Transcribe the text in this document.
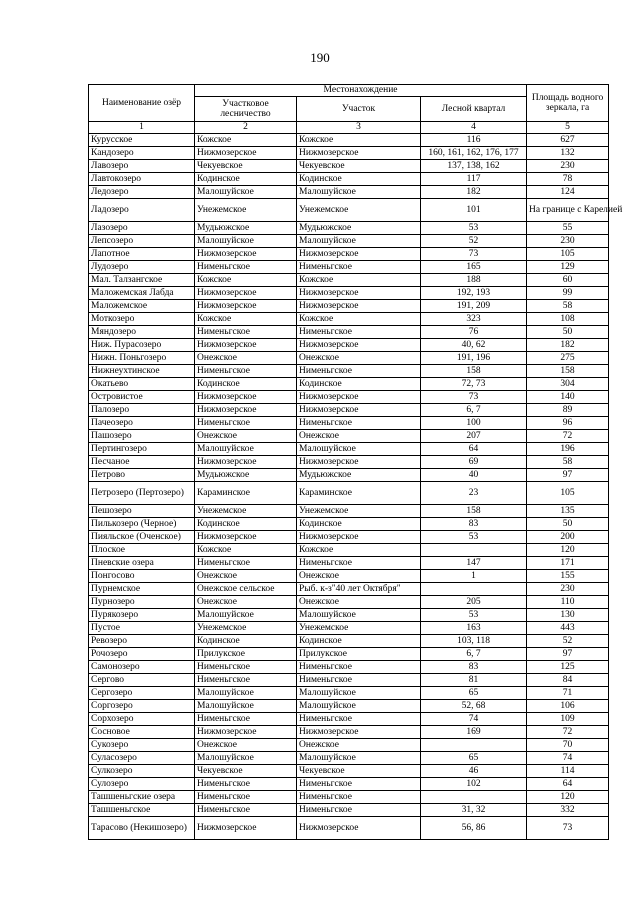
190
Наименование озёр	Местонахождение			Площадь водного зеркала, га
	Участковое лесничество	Участок	Лесной квартал	
1	2	3	4	5
Курусское	Кожское	Кожское	116	627
Кандозеро	Нижмозерское	Нижмозерское	160, 161, 162, 176, 177	132
Лавозеро	Чекуевское	Чекуевское	137, 138, 162	230
Лавтокозеро	Кодинское	Кодинское	117	78
Ледозеро	Малошуйское	Малошуйское	182	124
Ладозеро	Унежемское	Унежемское	101	На границе с Карелией
Лазозеро	Мудьюжское	Мудьюжское	53	55
Лепсозеро	Малошуйское	Малошуйское	52	230
Лапотное	Нижмозерское	Нижмозерское	73	105
Лудозеро	Нименьгское	Нименьгское	165	129
Мал. Талзангское	Кожское	Кожское	188	60
Маложемская Лабда	Нижмозерское	Нижмозерское	192, 193	99
Маложемское	Нижмозерское	Нижмозерское	191, 209	58
Моткозеро	Кожское	Кожское	323	108
Мяндозеро	Нименьгское	Нименьгское	76	50
Ниж. Пурасозеро	Нижмозерское	Нижмозерское	40, 62	182
Нижн. Поньгозеро	Онежское	Онежское	191, 196	275
Нижнеухтинское	Нименьгское	Нименьгское	158	158
Окатьево	Кодинское	Кодинское	72, 73	304
Островистое	Нижмозерское	Нижмозерское	73	140
Палозеро	Нижмозерское	Нижмозерское	6, 7	89
Пачеозеро	Нименьгское	Нименьгское	100	96
Пашозеро	Онежское	Онежское	207	72
Пертингозеро	Малошуйское	Малошуйское	64	196
Песчаное	Нижмозерское	Нижмозерское	69	58
Петрово	Мудьюжское	Мудьюжское	40	97
Петрозеро (Пертозеро)	Караминское	Караминское	23	105
Пешозеро	Унежемское	Унежемское	158	135
Пилькозеро (Черное)	Кодинское	Кодинское	83	50
Пияльское (Оченское)	Нижмозерское	Нижмозерское	53	200
Плоское	Кожское	Кожское		120
Пневские озера	Нименьгское	Нименьгское	147	171
Понгосово	Онежское	Онежское	1	155
Пурнемское	Онежское сельское	Рыб. к-з"40 лет Октября"		230
Пурнозеро	Онежское	Онежское	205	110
Пурякозеро	Малошуйское	Малошуйское	53	130
Пустое	Унежемское	Унежемское	163	443
Ревозеро	Кодинское	Кодинское	103, 118	52
Рочозеро	Прилукское	Прилукское	6, 7	97
Самонозеро	Нименьгское	Нименьгское	83	125
Сергово	Нименьгское	Нименьгское	81	84
Сергозеро	Малошуйское	Малошуйское	65	71
Соргозеро	Малошуйское	Малошуйское	52, 68	106
Сорхозеро	Нименьгское	Нименьгское	74	109
Сосновое	Нижмозерское	Нижмозерское	169	72
Сукозеро	Онежское	Онежское		70
Суласозеро	Малошуйское	Малошуйское	65	74
Сулкозеро	Чекуевское	Чекуевское	46	114
Сулозеро	Нименьгское	Нименьгское	102	64
Ташшеньгские озера	Нименьгское	Нименьгское		120
Ташшеньгское	Нименьгское	Нименьгское	31, 32	332
Тарасово (Некишозеро)	Нижмозерское	Нижмозерское	56, 86	73
